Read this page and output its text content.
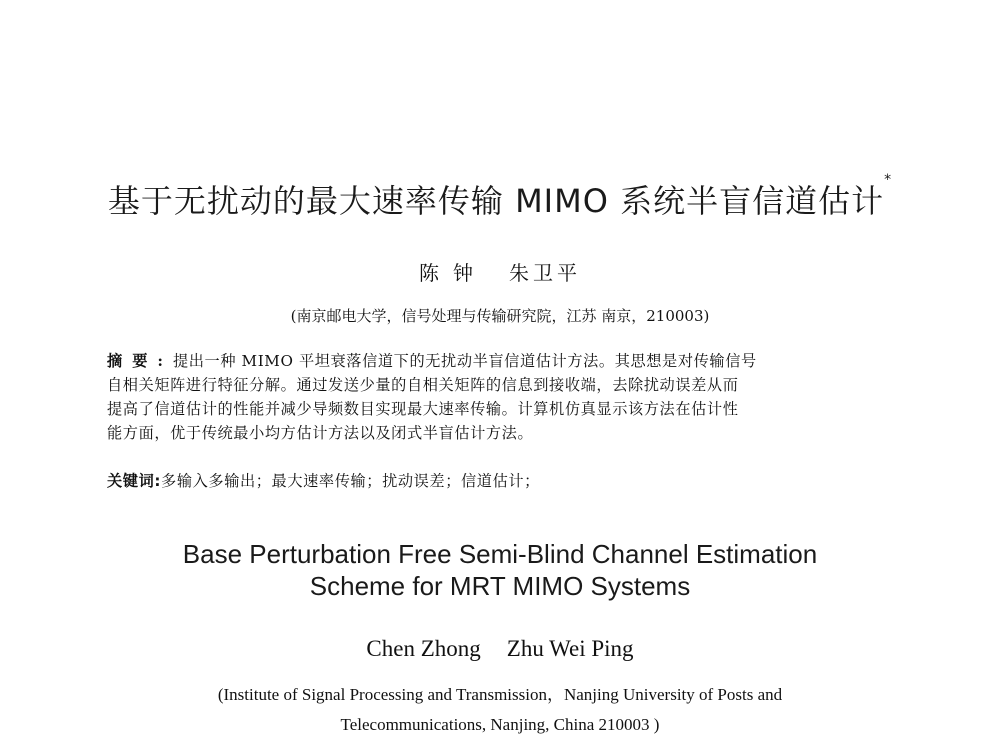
基于无扰动的最大速率传输 MIMO 系统半盲信道估计*
陈钟 朱卫平
(南京邮电大学，信号处理与传输研究院，江苏 南京，210003)
摘要:提出一种 MIMO 平坦衰落信道下的无扰动半盲信道估计方法。其思想是对传输信号
自相关矩阵进行特征分解。通过发送少量的自相关矩阵的信息到接收端，去除扰动误差从而
提高了信道估计的性能并减少导频数目实现最大速率传输。计算机仿真显示该方法在估计性
能方面，优于传统最小均方估计方法以及闭式半盲估计方法。
关键词:多输入多输出；最大速率传输；扰动误差；信道估计；
Base Perturbation Free Semi-Blind Channel Estimation
Scheme for MRT MIMO Systems
Chen Zhong Zhu Wei Ping
(Institute of Signal Processing and Transmission，Nanjing University of Posts and
Telecommunications, Nanjing, China 210003 )
